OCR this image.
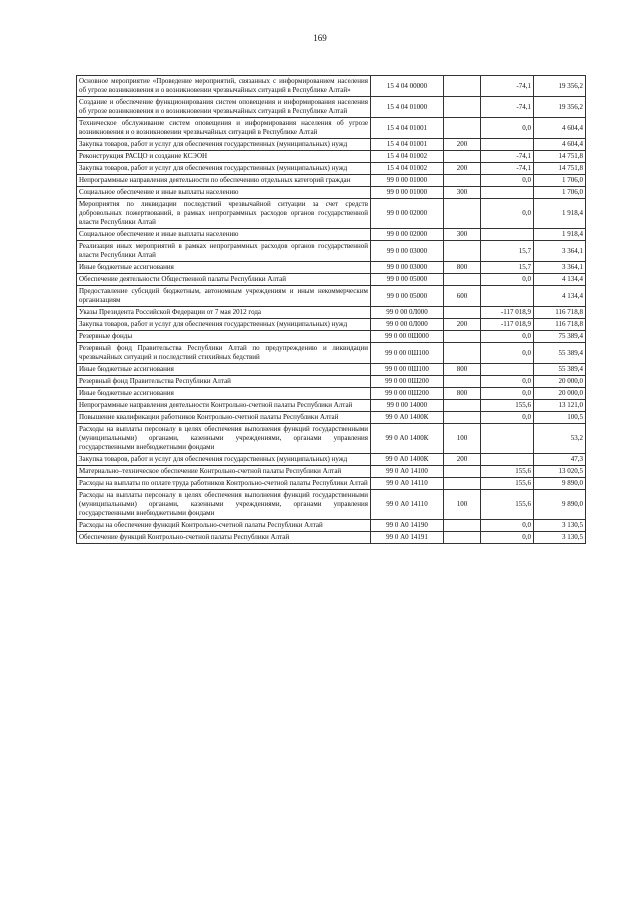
169
Основное мероприятие «Проведение мероприятий, связанных с информированием населения об угрозе возникновения и о возникновении чрезвычайных ситуаций в Республике Алтай»	15 4 04 00000		-74,1	19 356,2
Создание и обеспечение функционирования систем оповещения и информирования населения об угрозе возникновения и о возникновении чрезвычайных ситуаций в Республике Алтай	15 4 04 01000		-74,1	19 356,2
Техническое обслуживание систем оповещения и информирования населения об угрозе возникновения и о возникновении чрезвычайных ситуаций в Республике Алтай	15 4 04 01001		0,0	4 604,4
Закупка товаров, работ и услуг для обеспечения государственных (муниципальных) нужд	15 4 04 01001	200		4 604,4
Реконструкция РАСЦО и создание КСЭОН	15 4 04 01002		-74,1	14 751,8
Закупка товаров, работ и услуг для обеспечения государственных (муниципальных) нужд	15 4 04 01002	200	-74,1	14 751,8
Непрограммные направления деятельности по обеспечению отдельных категорий граждан	99 0 00 01000		0,0	1 706,0
Социальное обеспечение и иные выплаты населению	99 0 00 01000	300		1 706,0
Мероприятия по ликвидации последствий чрезвычайной ситуации за счет средств добровольных пожертвований, в рамках непрограммных расходов органов государственной власти Республики Алтай	99 0 00 02000		0,0	1 918,4
Социальное обеспечение и иные выплаты населению	99 0 00 02000	300		1 918,4
Реализация иных мероприятий в рамках непрограммных расходов органов государственной власти Республики Алтай	99 0 00 03000		15,7	3 364,1
Иные бюджетные ассигнования	99 0 00 03000	800	15,7	3 364,1
Обеспечение деятельности Общественной палаты Республики Алтай	99 0 00 05000		0,0	4 134,4
Предоставление субсидий бюджетным, автономным учреждениям и иным некоммерческим организациям	99 0 00 05000	600		4 134,4
Указы Президента Российской Федерации от 7 мая 2012 года	99 0 00 0Л000		-117 018,9	116 718,8
Закупка товаров, работ и услуг для обеспечения государственных (муниципальных) нужд	99 0 00 0Л000	200	-117 018,9	116 718,8
Резервные фонды	99 0 00 0Ш000		0,0	75 389,4
Резервный фонд Правительства Республики Алтай по предупреждению и ликвидации чрезвычайных ситуаций и последствий стихийных бедствий	99 0 00 0Ш100		0,0	55 389,4
Иные бюджетные ассигнования	99 0 00 0Ш100	800		55 389,4
Резервный фонд Правительства Республики Алтай	99 0 00 0Ш200		0,0	20 000,0
Иные бюджетные ассигнования	99 0 00 0Ш200	800	0,0	20 000,0
Непрограммные направления деятельности Контрольно-счетной палаты Республики Алтай	99 0 00 14000		155,6	13 121,0
Повышение квалификации работников Контрольно-счетной палаты Республики Алтай	99 0 А0 1400К		0,0	100,5
Расходы на выплаты персоналу в целях обеспечения выполнения функций государственными (муниципальными) органами, казенными учреждениями, органами управления государственными внебюджетными фондами	99 0 А0 1400К	100		53,2
Закупка товаров, работ и услуг для обеспечения государственных (муниципальных) нужд	99 0 А0 1400К	200		47,3
Материально–техническое обеспечение Контрольно-счетной палаты Республики Алтай	99 0 А0 14100		155,6	13 020,5
Расходы на выплаты по оплате труда работников Контрольно-счетной палаты Республики Алтай	99 0 А0 14110		155,6	9 890,0
Расходы на выплаты персоналу в целях обеспечения выполнения функций государственными (муниципальными) органами, казенными учреждениями, органами управления государственными внебюджетными фондами	99 0 А0 14110	100	155,6	9 890,0
Расходы на обеспечение функций Контрольно-счетной палаты Республики Алтай	99 0 А0 14190		0,0	3 130,5
Обеспечение функций Контрольно-счетной палаты Республики Алтай	99 0 А0 14191		0,0	3 130,5
